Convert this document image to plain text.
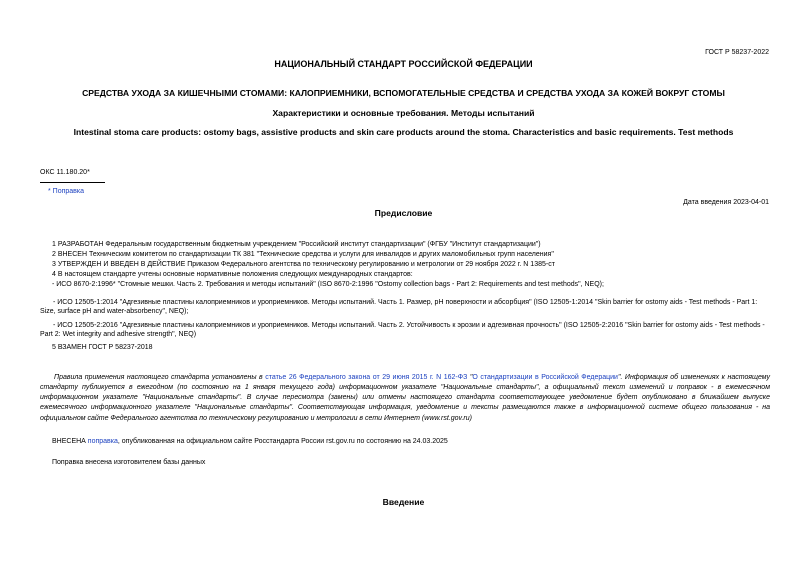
ГОСТ Р 58237-2022
НАЦИОНАЛЬНЫЙ СТАНДАРТ РОССИЙСКОЙ ФЕДЕРАЦИИ
СРЕДСТВА УХОДА ЗА КИШЕЧНЫМИ СТОМАМИ: КАЛОПРИЕМНИКИ, ВСПОМОГАТЕЛЬНЫЕ СРЕДСТВА И СРЕДСТВА УХОДА ЗА КОЖЕЙ ВОКРУГ СТОМЫ
Характеристики и основные требования. Методы испытаний
Intestinal stoma care products: ostomy bags, assistive products and skin care products around the stoma. Characteristics and basic requirements. Test methods
ОКС 11.180.20*
* Поправка
Дата введения 2023-04-01
Предисловие
1 РАЗРАБОТАН Федеральным государственным бюджетным учреждением "Российский институт стандартизации" (ФГБУ "Институт стандартизации")
2 ВНЕСЕН Техническим комитетом по стандартизации ТК 381 "Технические средства и услуги для инвалидов и других маломобильных групп населения"
3 УТВЕРЖДЕН И ВВЕДЕН В ДЕЙСТВИЕ Приказом Федерального агентства по техническому регулированию и метрологии от 29 ноября 2022 г. N 1385-ст
4 В настоящем стандарте учтены основные нормативные положения следующих международных стандартов:
- ИСО 8670-2:1996* "Стомные мешки. Часть 2. Требования и методы испытаний" (ISO 8670-2:1996 "Ostomy collection bags - Part 2: Requirements and test methods", NEQ);
- ИСО 12505-1:2014 "Адгезивные пластины калоприемников и уроприемников. Методы испытаний. Часть 1. Размер, pH поверхности и абсорбция" (ISO 12505-1:2014 "Skin barrier for ostomy aids - Test methods - Part 1: Size, surface pH and water-absorbency", NEQ);
- ИСО 12505-2:2016 "Адгезивные пластины калоприемников и уроприемников. Методы испытаний. Часть 2. Устойчивость к эрозии и адгезивная прочность" (ISO 12505-2:2016 "Skin barrier for ostomy aids - Test methods - Part 2: Wet integrity and adhesive strength", NEQ)
5 ВЗАМЕН ГОСТ Р 58237-2018
Правила применения настоящего стандарта установлены в статье 26 Федерального закона от 29 июня 2015 г. N 162-ФЗ "О стандартизации в Российской Федерации". Информация об изменениях к настоящему стандарту публикуется в ежегодном (по состоянию на 1 января текущего года) информационном указателе "Национальные стандарты", а официальный текст изменений и поправок - в ежемесячном информационном указателе "Национальные стандарты". В случае пересмотра (замены) или отмены настоящего стандарта соответствующее уведомление будет опубликовано в ближайшем выпуске ежемесячного информационного указателе "Национальные стандарты". Соответствующая информация, уведомление и тексты размещаются также в информационной системе общего пользования - на официальном сайте Федерального агентства по техническому регулированию и метрологии в сети Интернет (www.rst.gov.ru)
ВНЕСЕНА поправка, опубликованная на официальном сайте Росстандарта России rst.gov.ru по состоянию на 24.03.2025
Поправка внесена изготовителем базы данных
Введение
